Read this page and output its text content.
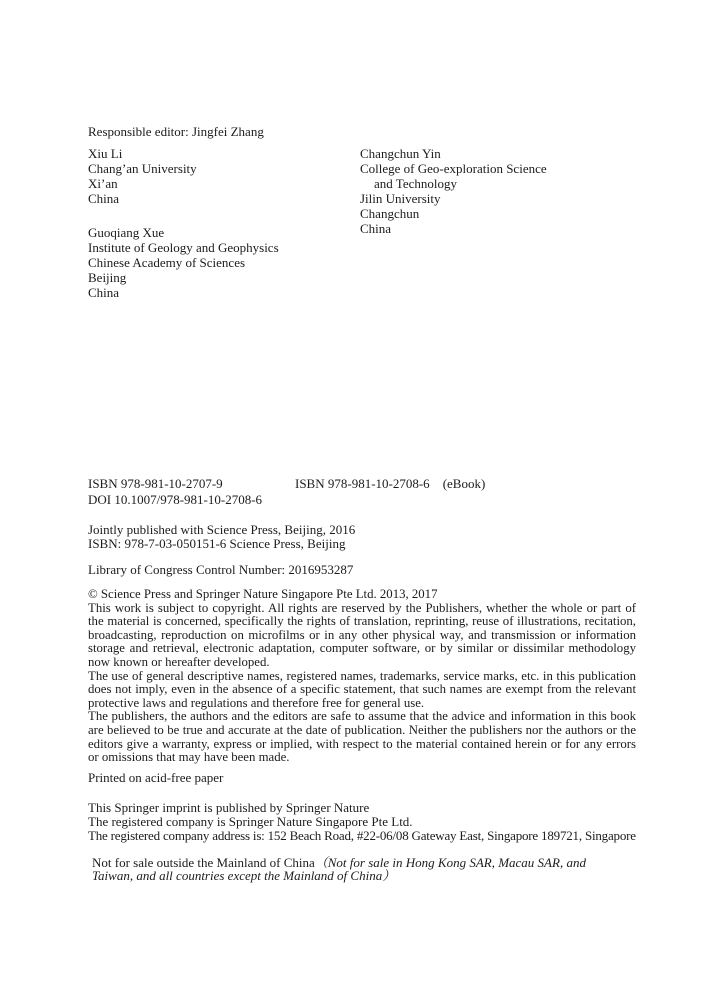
Responsible editor: Jingfei Zhang
Xiu Li
Chang’an University
Xi’an
China
Guoqiang Xue
Institute of Geology and Geophysics
Chinese Academy of Sciences
Beijing
China
Changchun Yin
College of Geo-exploration Science
and Technology
Jilin University
Changchun
China
ISBN 978-981-10-2707-9	ISBN 978-981-10-2708-6 (eBook)
DOI 10.1007/978-981-10-2708-6
Jointly published with Science Press, Beijing, 2016
ISBN: 978-7-03-050151-6 Science Press, Beijing
Library of Congress Control Number: 2016953287

© Science Press and Springer Nature Singapore Pte Ltd. 2013, 2017

This work is subject to copyright. All rights are reserved by the Publishers, whether the whole or part of the material is concerned, specifically the rights of translation, reprinting, reuse of illustrations, recitation, broadcasting, reproduction on microfilms or in any other physical way, and transmission or information storage and retrieval, electronic adaptation, computer software, or by similar or dissimilar methodology now known or hereafter developed.

The use of general descriptive names, registered names, trademarks, service marks, etc. in this publication does not imply, even in the absence of a specific statement, that such names are exempt from the relevant protective laws and regulations and therefore free for general use.

The publishers, the authors and the editors are safe to assume that the advice and information in this book are believed to be true and accurate at the date of publication. Neither the publishers nor the authors or the editors give a warranty, express or implied, with respect to the material contained herein or for any errors or omissions that may have been made.

Printed on acid-free paper
This Springer imprint is published by Springer Nature
The registered company is Springer Nature Singapore Pte Ltd.
The registered company address is: 152 Beach Road, #22-06/08 Gateway East, Singapore 189721, Singapore
Not for sale outside the Mainland of China（Not for sale in Hong Kong SAR, Macau SAR, and Taiwan, and all countries except the Mainland of China）
